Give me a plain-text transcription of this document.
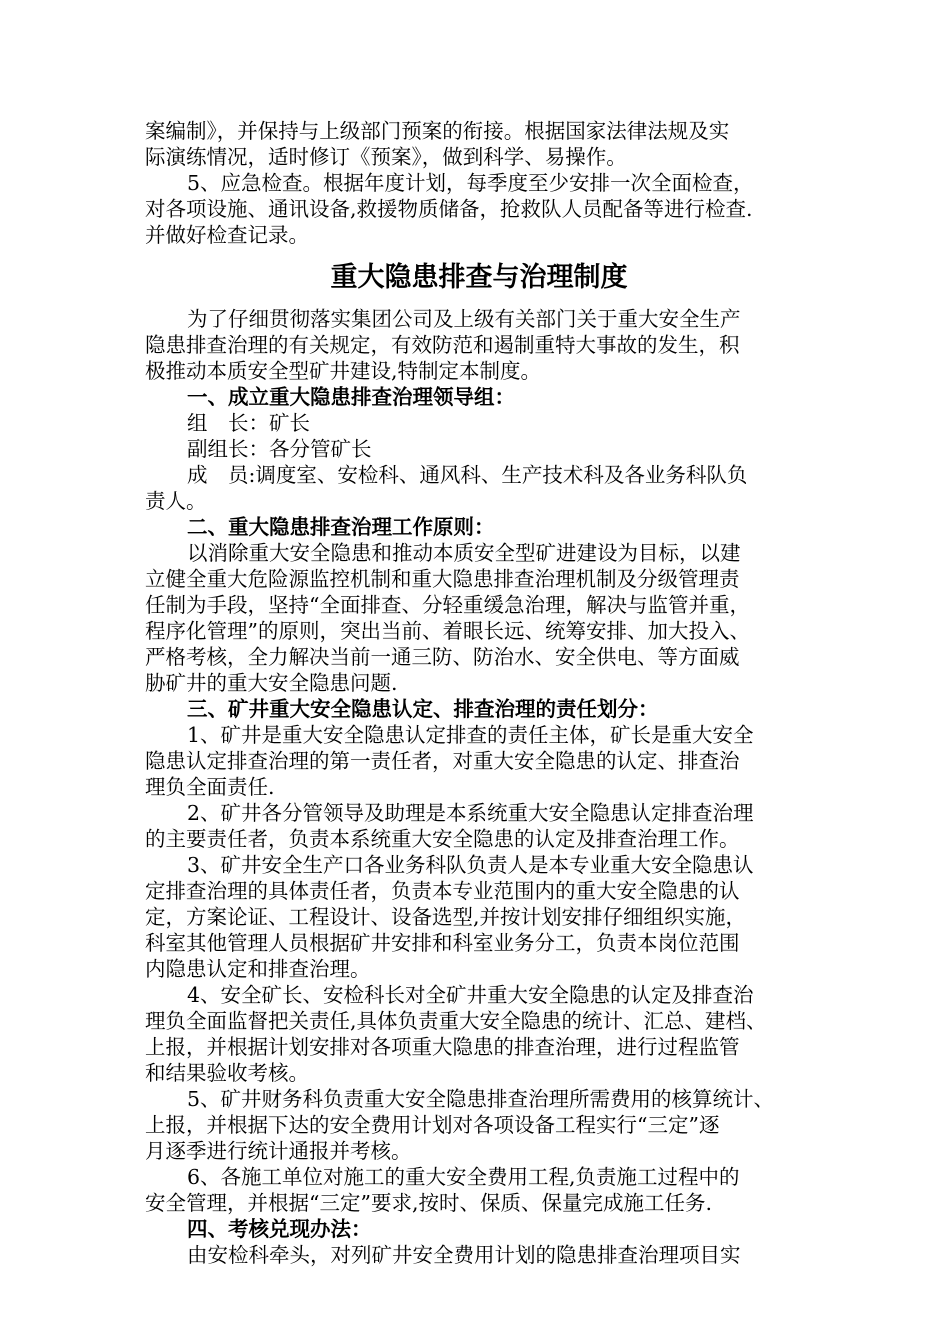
案编制》，并保持与上级部门预案的衔接。根据国家法律法规及实
际演练情况，适时修订《预案》，做到科学、易操作。
5、应急检查。根据年度计划，每季度至少安排一次全面检查，
对各项设施、通讯设备,救援物质储备，抢救队人员配备等进行检查.
并做好检查记录。
重大隐患排查与治理制度
为了仔细贯彻落实集团公司及上级有关部门关于重大安全生产
隐患排查治理的有关规定，有效防范和遏制重特大事故的发生，积
极推动本质安全型矿井建设,特制定本制度。
一、成立重大隐患排查治理领导组：
组　长：矿长
副组长：各分管矿长
成　员:调度室、安检科、通风科、生产技术科及各业务科队负
责人。
二、重大隐患排查治理工作原则：
以消除重大安全隐患和推动本质安全型矿进建设为目标，以建
立健全重大危险源监控机制和重大隐患排查治理机制及分级管理责
任制为手段，坚持“全面排查、分轻重缓急治理，解决与监管并重，
程序化管理”的原则，突出当前、着眼长远、统筹安排、加大投入、
严格考核，全力解决当前一通三防、防治水、安全供电、等方面威
胁矿井的重大安全隐患问题.
三、矿井重大安全隐患认定、排查治理的责任划分：
1、矿井是重大安全隐患认定排查的责任主体，矿长是重大安全
隐患认定排查治理的第一责任者，对重大安全隐患的认定、排查治
理负全面责任.
2、矿井各分管领导及助理是本系统重大安全隐患认定排查治理
的主要责任者，负责本系统重大安全隐患的认定及排查治理工作。
3、矿井安全生产口各业务科队负责人是本专业重大安全隐患认
定排查治理的具体责任者，负责本专业范围内的重大安全隐患的认
定，方案论证、工程设计、设备选型,并按计划安排仔细组织实施，
科室其他管理人员根据矿井安排和科室业务分工，负责本岗位范围
内隐患认定和排查治理。
4、安全矿长、安检科长对全矿井重大安全隐患的认定及排查治
理负全面监督把关责任,具体负责重大安全隐患的统计、汇总、建档、
上报，并根据计划安排对各项重大隐患的排查治理，进行过程监管
和结果验收考核。
5、矿井财务科负责重大安全隐患排查治理所需费用的核算统计、
上报，并根据下达的安全费用计划对各项设备工程实行“三定”逐
月逐季进行统计通报并考核。
6、各施工单位对施工的重大安全费用工程,负责施工过程中的
安全管理，并根据“三定”要求,按时、保质、保量完成施工任务.
四、考核兑现办法：
由安检科牵头，对列矿井安全费用计划的隐患排查治理项目实
